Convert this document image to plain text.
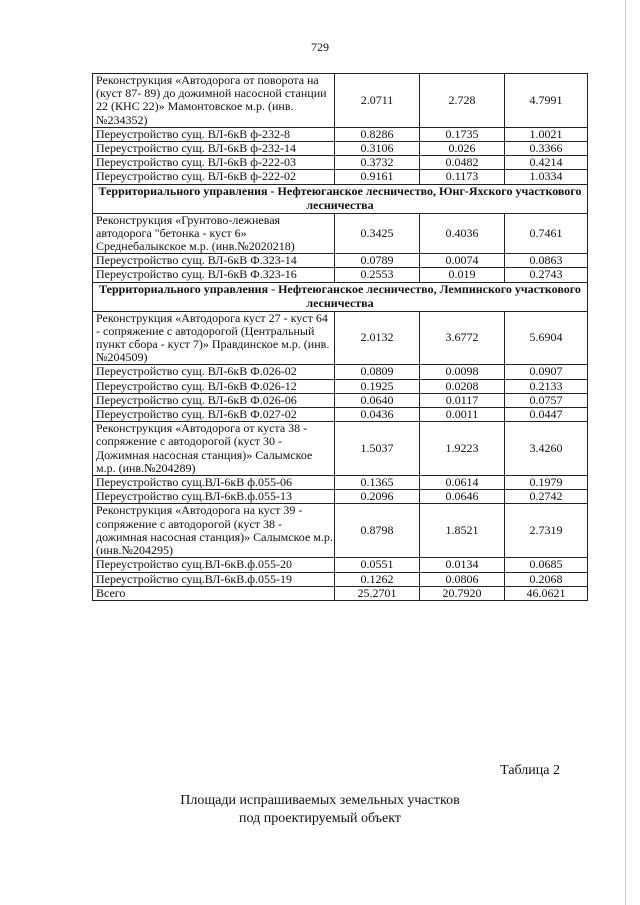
729
Реконструкция «Автодорога от поворота на (куст 87- 89) до дожимной насосной станции 22 (КНС 22)» Мамонтовское м.р. (инв.№234352)	2.0711	2.728	4.7991
Переустройство сущ. ВЛ-6кВ ф-232-8	0.8286	0.1735	1.0021
Переустройство сущ. ВЛ-6кВ ф-232-14	0.3106	0.026	0.3366
Переустройство сущ. ВЛ-6кВ ф-222-03	0.3732	0.0482	0.4214
Переустройство сущ. ВЛ-6кВ ф-222-02	0.9161	0.1173	1.0334
Территориального управления - Нефтеюганское лесничество, Юнг-Яхского участкового лесничества			
Реконструкция «Грунтово-лежневая автодорога "бетонка - куст 6» Среднебалыкское м.р. (инв.№2020218)	0.3425	0.4036	0.7461
Переустройство сущ. ВЛ-6кВ Ф.323-14	0.0789	0.0074	0.0863
Переустройство сущ. ВЛ-6кВ Ф.323-16	0.2553	0.019	0.2743
Территориального управления - Нефтеюганское лесничество, Лемпинского участкового лесничества			
Реконструкция «Автодорога куст 27 - куст 64 - сопряжение с автодорогой (Центральный пункт сбора - куст 7)» Правдинское м.р. (инв.№204509)	2.0132	3.6772	5.6904
Переустройство сущ. ВЛ-6кВ Ф.026-02	0.0809	0.0098	0.0907
Переустройство сущ. ВЛ-6кВ Ф.026-12	0.1925	0.0208	0.2133
Переустройство сущ. ВЛ-6кВ Ф.026-06	0.0640	0.0117	0.0757
Переустройство сущ. ВЛ-6кВ Ф.027-02	0.0436	0.0011	0.0447
Реконструкция «Автодорога от куста 38 - сопряжение с автодорогой (куст 30 - Дожимная насосная станция)» Салымское м.р. (инв.№204289)	1.5037	1.9223	3.4260
Переустройство сущ.ВЛ-6кВ ф.055-06	0.1365	0.0614	0.1979
Переустройство сущ.ВЛ-6кВ.ф.055-13	0.2096	0.0646	0.2742
Реконструкция «Автодорога на куст 39 - сопряжение с автодорогой (куст 38 - дожимная насосная станция)» Салымское м.р. (инв.№204295)	0.8798	1.8521	2.7319
Переустройство сущ.ВЛ-6кВ.ф.055-20	0.0551	0.0134	0.0685
Переустройство сущ.ВЛ-6кВ.ф.055-19	0.1262	0.0806	0.2068
Всего	25.2701	20.7920	46.0621
Таблица 2
Площади испрашиваемых земельных участков
под проектируемый объект
